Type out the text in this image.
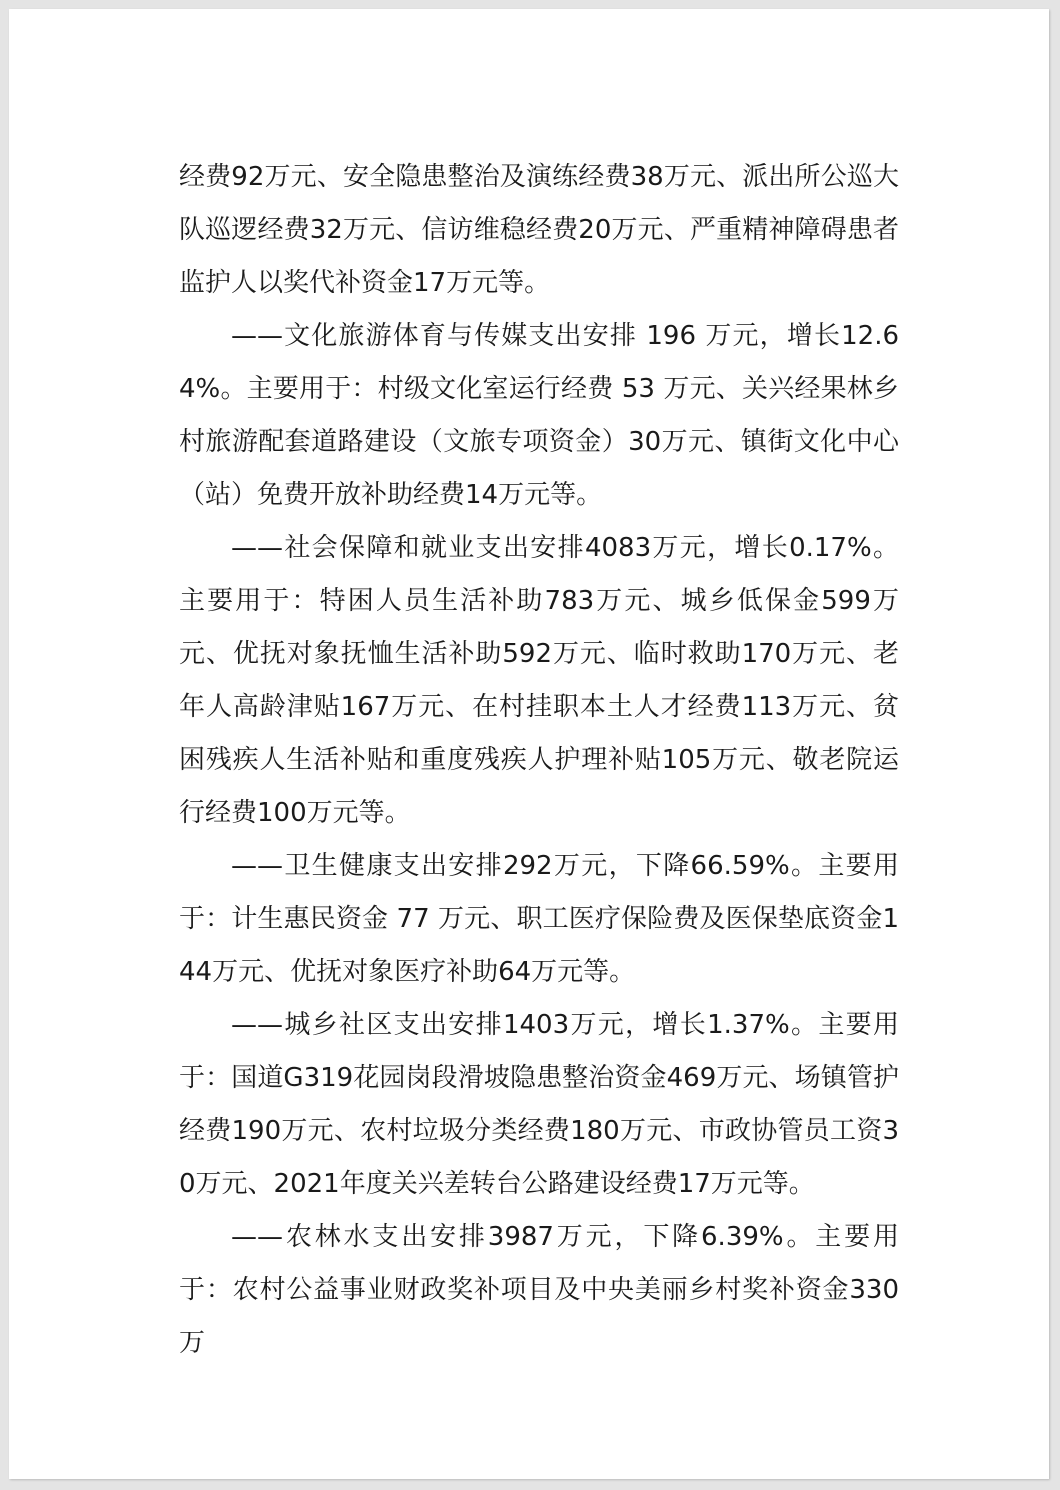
经费92万元、安全隐患整治及演练经费38万元、派出所公巡大队巡逻经费32万元、信访维稳经费20万元、严重精神障碍患者监护人以奖代补资金17万元等。

——文化旅游体育与传媒支出安排 196 万元，增长12.64%。主要用于：村级文化室运行经费 53 万元、关兴经果林乡村旅游配套道路建设（文旅专项资金）30万元、镇街文化中心（站）免费开放补助经费14万元等。

——社会保障和就业支出安排4083万元，增长0.17%。主要用于：特困人员生活补助783万元、城乡低保金599万元、优抚对象抚恤生活补助592万元、临时救助170万元、老年人高龄津贴167万元、在村挂职本土人才经费113万元、贫困残疾人生活补贴和重度残疾人护理补贴105万元、敬老院运行经费100万元等。

——卫生健康支出安排292万元，下降66.59%。主要用于：计生惠民资金 77 万元、职工医疗保险费及医保垫底资金144万元、优抚对象医疗补助64万元等。

——城乡社区支出安排1403万元，增长1.37%。主要用于：国道G319花园岗段滑坡隐患整治资金469万元、场镇管护经费190万元、农村垃圾分类经费180万元、市政协管员工资30万元、2021年度关兴差转台公路建设经费17万元等。

——农林水支出安排3987万元，下降6.39%。主要用于：农村公益事业财政奖补项目及中央美丽乡村奖补资金330万
